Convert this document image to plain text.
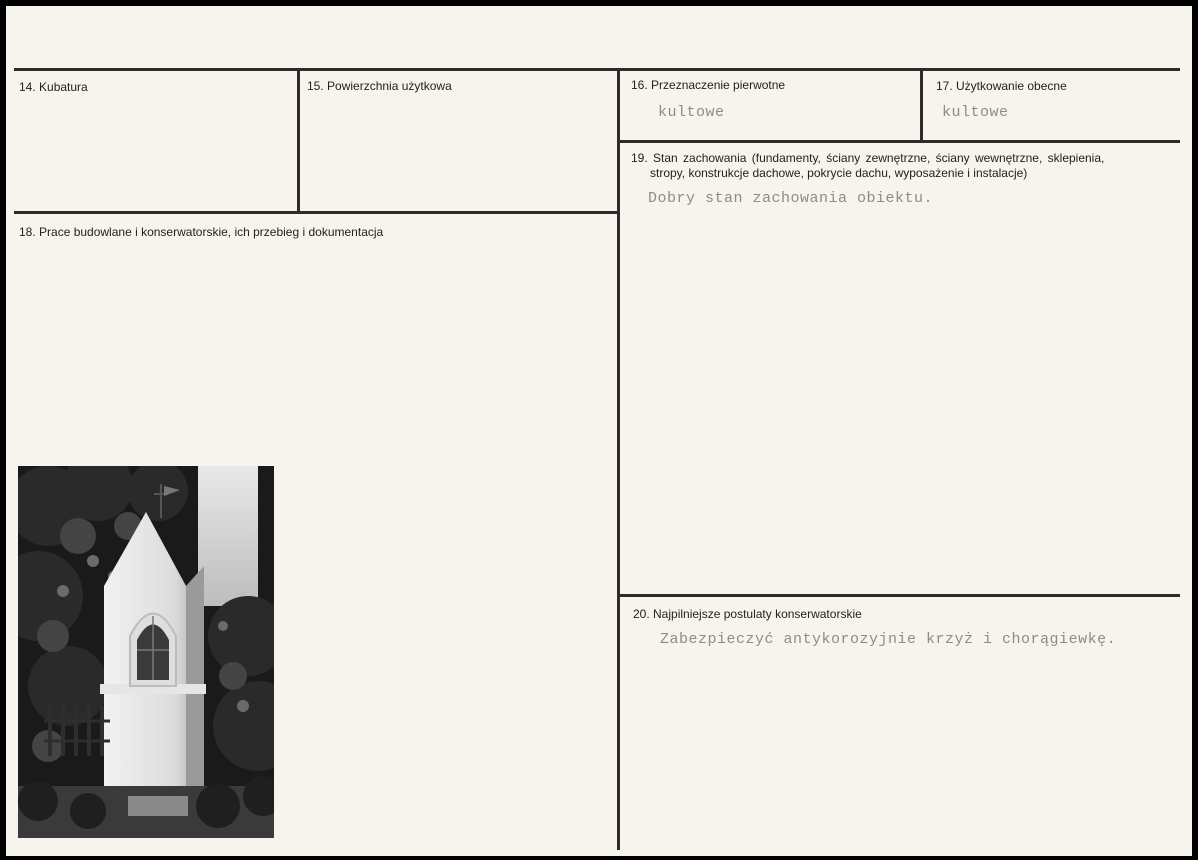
14. Kubatura	15. Powierzchnia użytkowa	16. Przeznaczenie pierwotne
kultowe
17. Użytkowanie obecne
kultowe
18. Prace budowlane i konserwatorskie, ich przebieg i dokumentacja
19. Stan zachowania (fundamenty, ściany zewnętrzne, ściany wewnętrzne, sklepienia,
stropy, konstrukcje dachowe, pokrycie dachu, wyposażenie i instalacje)
Dobry stan zachowania obiektu.
20. Najpilniejsze postulaty konserwatorskie
Zabezpieczyć antykorozyjnie krzyż i chorągiewkę.
